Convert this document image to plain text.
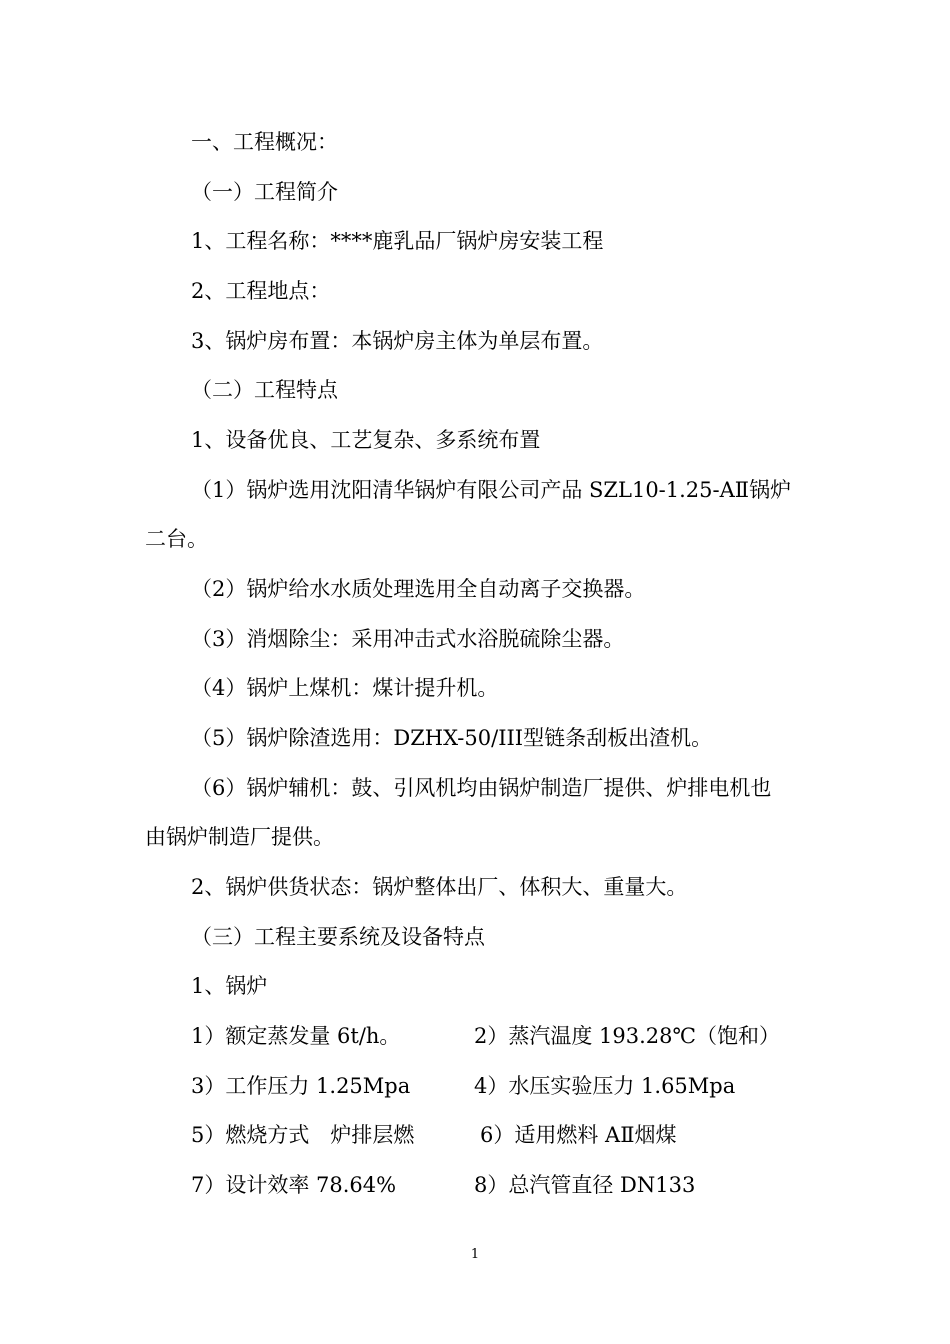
一、工程概况：
（一）工程简介
1、工程名称：****鹿乳品厂锅炉房安装工程
2、工程地点：
3、锅炉房布置：本锅炉房主体为单层布置。
（二）工程特点
1、设备优良、工艺复杂、多系统布置
（1）锅炉选用沈阳清华锅炉有限公司产品 SZL10-1.25-AⅡ锅炉
二台。
（2）锅炉给水水质处理选用全自动离子交换器。
（3）消烟除尘：采用冲击式水浴脱硫除尘器。
（4）锅炉上煤机：煤计提升机。
（5）锅炉除渣选用：DZHX-50/III型链条刮板出渣机。
（6）锅炉辅机：鼓、引风机均由锅炉制造厂提供、炉排电机也
由锅炉制造厂提供。
2、锅炉供货状态：锅炉整体出厂、体积大、重量大。
（三）工程主要系统及设备特点
1、锅炉
1）额定蒸发量 6t/h。	2）蒸汽温度 193.28℃（饱和）
3）工作压力 1.25Mpa	4）水压实验压力 1.65Mpa
5）燃烧方式　炉排层燃	6）适用燃料 AⅡ烟煤
7）设计效率 78.64%	8）总汽管直径 DN133
1
